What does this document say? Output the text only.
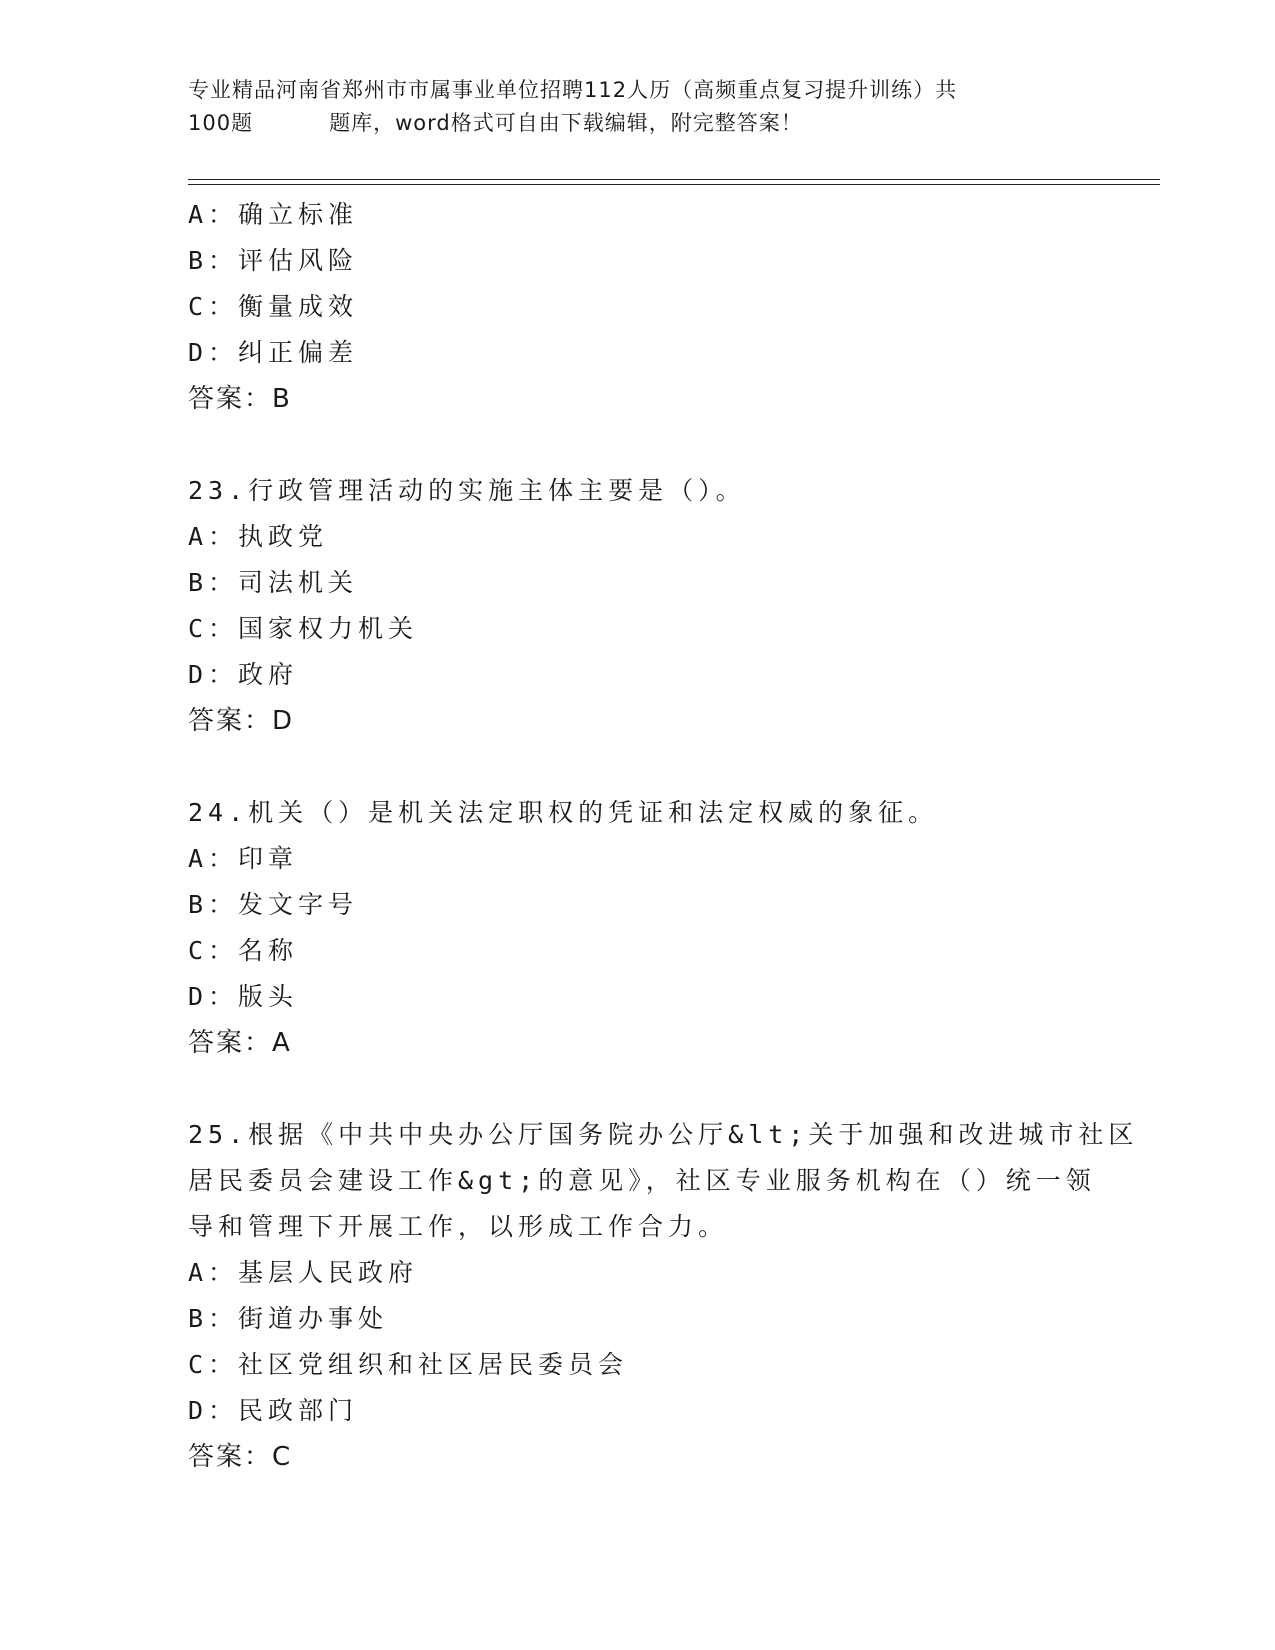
专业精品河南省郑州市市属事业单位招聘112人历（高频重点复习提升训练）共
100题	题库，word格式可自由下载编辑，附完整答案！
A：确立标准
B：评估风险
C：衡量成效
D：纠正偏差
答案：B
23.行政管理活动的实施主体主要是（）。
A：执政党
B：司法机关
C：国家权力机关
D：政府
答案：D
24.机关（）是机关法定职权的凭证和法定权威的象征。
A：印章
B：发文字号
C：名称
D：版头
答案：A
25.根据《中共中央办公厅国务院办公厅&lt;关于加强和改进城市社区
居民委员会建设工作&gt;的意见》，社区专业服务机构在（）统一领
导和管理下开展工作，以形成工作合力。
A：基层人民政府
B：街道办事处
C：社区党组织和社区居民委员会
D：民政部门
答案：C
